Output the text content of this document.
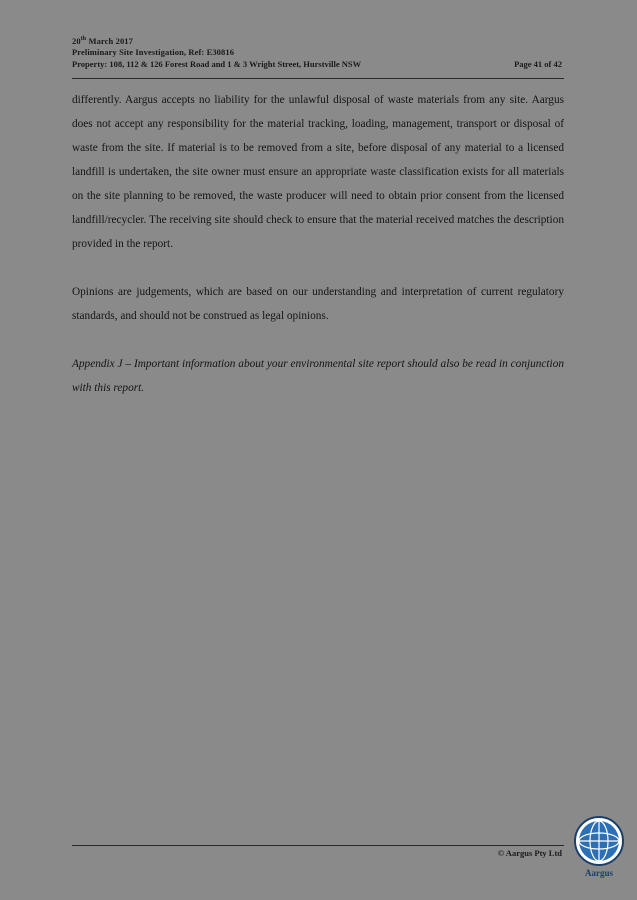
20th March 2017
Preliminary Site Investigation, Ref: E30816
Property: 108, 112 & 126 Forest Road and 1 & 3 Wright Street, Hurstville NSW	Page 41 of 42

differently. Aargus accepts no liability for the unlawful disposal of waste materials from any site. Aargus does not accept any responsibility for the material tracking, loading, management, transport or disposal of waste from the site. If material is to be removed from a site, before disposal of any material to a licensed landfill is undertaken, the site owner must ensure an appropriate waste classification exists for all materials on the site planning to be removed, the waste producer will need to obtain prior consent from the licensed landfill/recycler. The receiving site should check to ensure that the material received matches the description provided in the report.

Opinions are judgements, which are based on our understanding and interpretation of current regulatory standards, and should not be construed as legal opinions.

Appendix J – Important information about your environmental site report should also be read in conjunction with this report.

© Aargus Pty Ltd
Aargus
